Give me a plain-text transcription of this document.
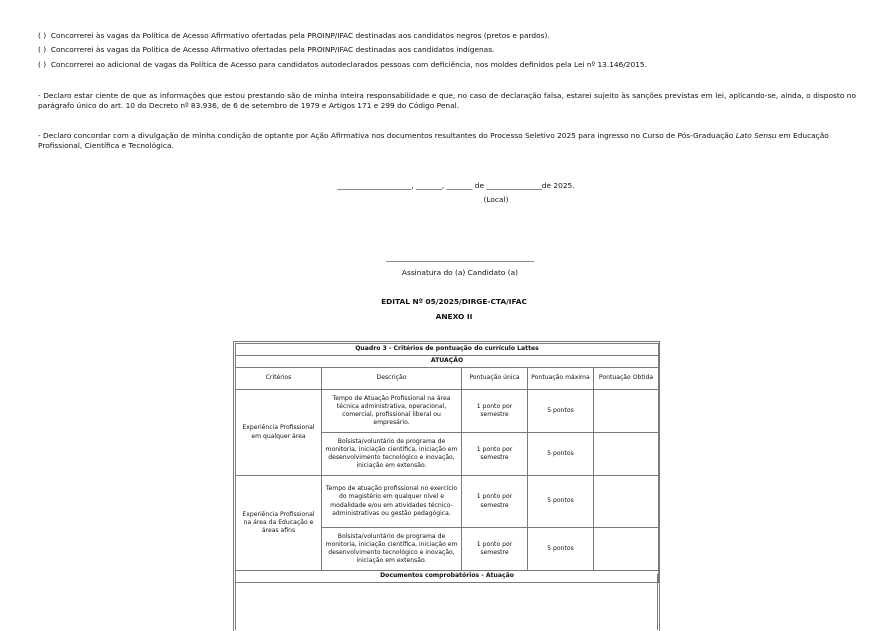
( ) Concorrerei às vagas da Política de Acesso Afirmativo ofertadas pela PROINP/IFAC destinadas aos candidatos negros (pretos e pardos).
( ) Concorrerei às vagas da Política de Acesso Afirmativo ofertadas pela PROINP/IFAC destinadas aos candidatos indígenas.
( ) Concorrerei ao adicional de vagas da Política de Acesso para candidatos autodeclarados pessoas com deficiência, nos moldes definidos pela Lei nº 13.146/2015.
- Declaro estar ciente de que as informações que estou prestando são de minha inteira responsabilidade e que, no caso de declaração falsa, estarei sujeito às sanções previstas em lei, aplicando-se, ainda, o disposto no parágrafo único do art. 10 do Decreto nº 83.936, de 6 de setembro de 1979 e Artigos 171 e 299 do Código Penal.
- Declaro concordar com a divulgação de minha condição de optante por Ação Afirmativa nos documentos resultantes do Processo Seletivo 2025 para ingresso no Curso de Pós-Graduação Lato Sensu em Educação Profissional, Científica e Tecnológica.
____________________, _______, _______ de _______________de 2025.
(Local)
________________________________________
Assinatura do (a) Candidato (a)
EDITAL Nº 05/2025/DIRGE-CTA/IFAC
ANEXO II
Quadro 3 - Critérios de pontuação do currículo Lattes				
ATUAÇÃO				
Critérios	Descrição	Pontuação única	Pontuação máxima	Pontuação Obtida
Experiência Profissional em qualquer área	Tempo de Atuação Profissional na área técnica administrativa, operacional, comercial, profissional liberal ou empresário.	1 ponto por semestre	5 pontos	
	Bolsista/voluntário de programa de monitoria, iniciação científica, iniciação em desenvolvimento tecnológico e inovação, iniciação em extensão.	1 ponto por semestre	5 pontos	
Experiência Profissional na área da Educação e áreas afins	Tempo de atuação profissional no exercício do magistério em qualquer nível e modalidade e/ou em atividades técnico-administrativas ou gestão pedagógica.	1 ponto por semestre	5 pontos	
	Bolsista/voluntário de programa de monitoria, iniciação científica, iniciação em desenvolvimento tecnológico e inovação, iniciação em extensão.	1 ponto por semestre	5 pontos	
Documentos comprobatórios - Atuação				
